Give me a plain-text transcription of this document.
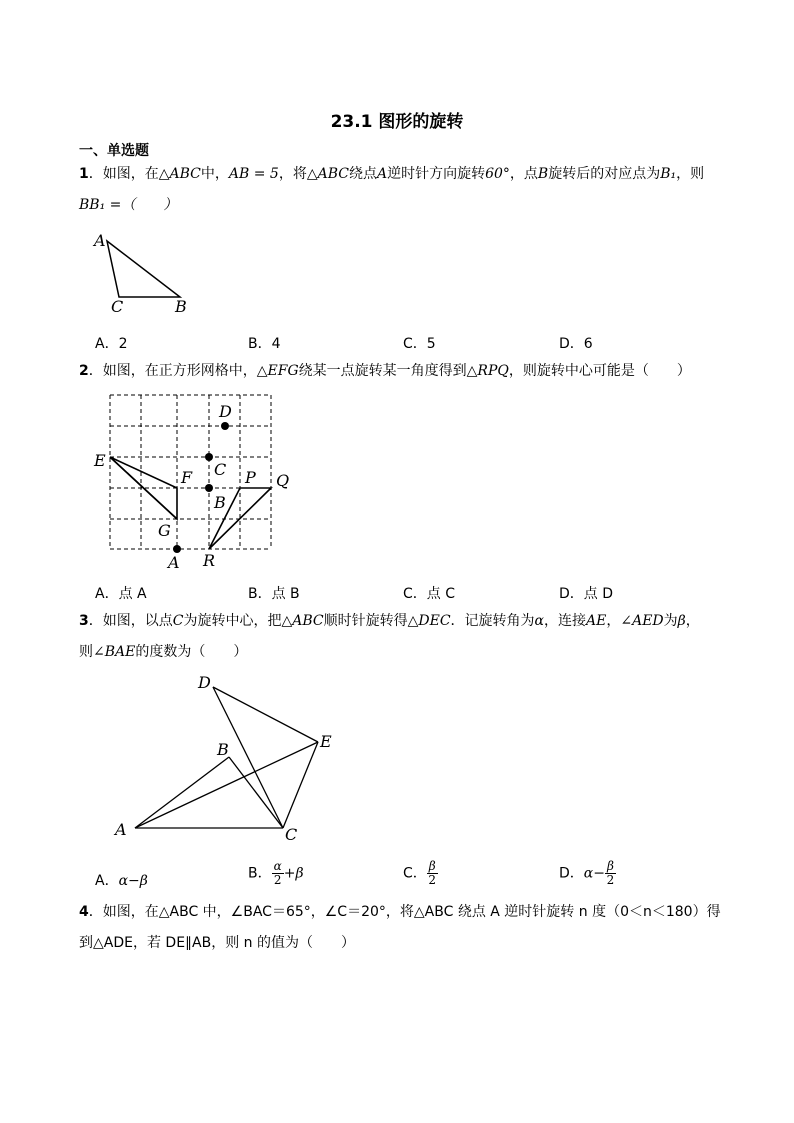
23.1 图形的旋转
一、单选题
1．如图，在△ABC中，AB = 5，将△ABC绕点A逆时针方向旋转60°，点B旋转后的对应点为B₁，则
BB₁ =（　　）
A
C	B
A．2	B．4	C．5	D．6
2．如图，在正方形网格中，△EFG绕某一点旋转某一角度得到△RPQ，则旋转中心可能是（　　）
D
C
B
A
E
F
G
P Q
R
A．点 A	B．点 B	C．点 C	D．点 D
3．如图，以点C为旋转中心，把△ABC顺时针旋转得△DEC．记旋转角为α，连接AE，∠AED为β，
则∠BAE的度数为（　　）
D
B	E
A	C
A．α−β	B． $\frac{\alpha}{2} +\beta$	C． $\frac{\beta}{2}$	D．$\alpha- \frac{\beta}{2}$
4．如图，在△ABC 中，∠BAC＝65°，∠C＝20°，将△ABC 绕点 A 逆时针旋转 n 度（0＜n＜180）得
到△ADE，若 DE∥AB，则 n 的值为（　　）
